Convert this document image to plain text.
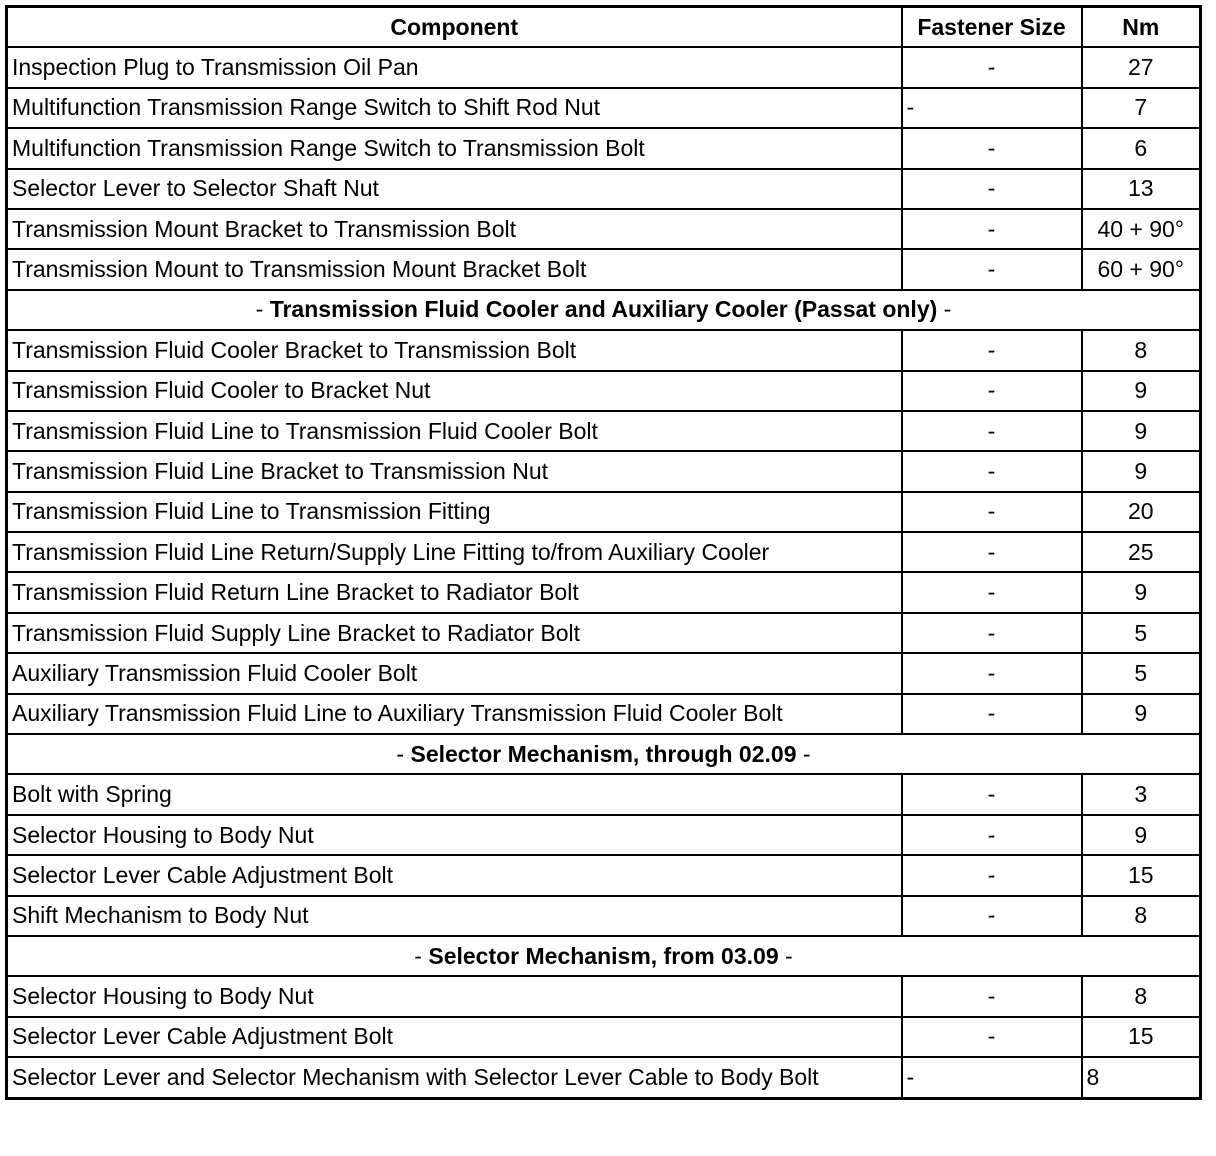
Component	Fastener Size	Nm
Inspection Plug to Transmission Oil Pan	-	27
Multifunction Transmission Range Switch to Shift Rod Nut	-	7
Multifunction Transmission Range Switch to Transmission Bolt	-	6
Selector Lever to Selector Shaft Nut	-	13
Transmission Mount Bracket to Transmission Bolt	-	40 + 90°
Transmission Mount to Transmission Mount Bracket Bolt	-	60 + 90°
- Transmission Fluid Cooler and Auxiliary Cooler (Passat only) -		
Transmission Fluid Cooler Bracket to Transmission Bolt	-	8
Transmission Fluid Cooler to Bracket Nut	-	9
Transmission Fluid Line to Transmission Fluid Cooler Bolt	-	9
Transmission Fluid Line Bracket to Transmission Nut	-	9
Transmission Fluid Line to Transmission Fitting	-	20
Transmission Fluid Line Return/Supply Line Fitting to/from Auxiliary Cooler	-	25
Transmission Fluid Return Line Bracket to Radiator Bolt	-	9
Transmission Fluid Supply Line Bracket to Radiator Bolt	-	5
Auxiliary Transmission Fluid Cooler Bolt	-	5
Auxiliary Transmission Fluid Line to Auxiliary Transmission Fluid Cooler Bolt	-	9
- Selector Mechanism, through 02.09 -		
Bolt with Spring	-	3
Selector Housing to Body Nut	-	9
Selector Lever Cable Adjustment Bolt	-	15
Shift Mechanism to Body Nut	-	8
- Selector Mechanism, from 03.09 -		
Selector Housing to Body Nut	-	8
Selector Lever Cable Adjustment Bolt	-	15
Selector Lever and Selector Mechanism with Selector Lever Cable to Body Bolt	-	8
